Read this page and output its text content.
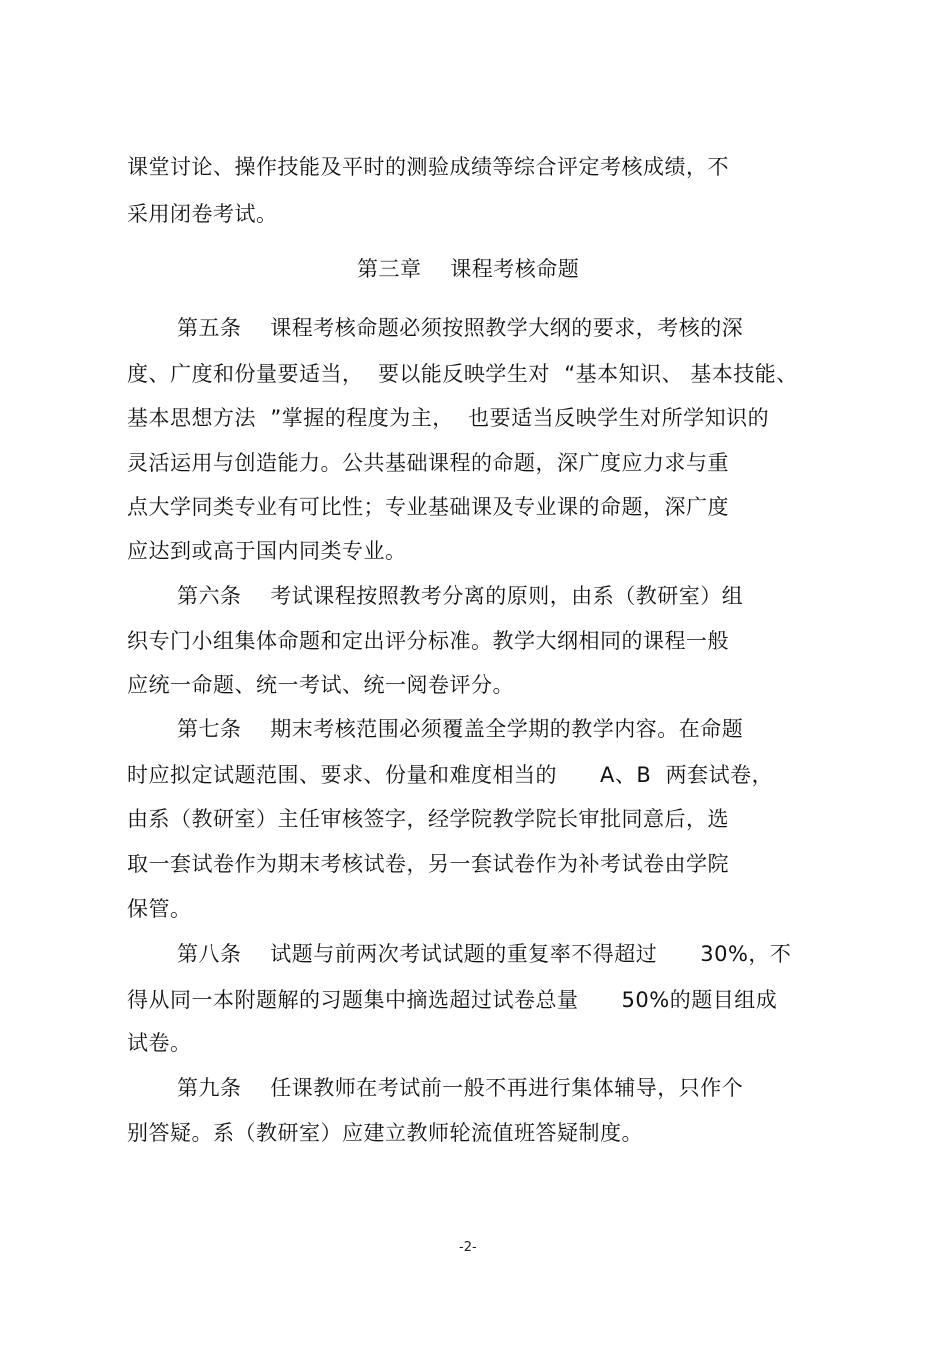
课堂讨论、操作技能及平时的测验成绩等综合评定考核成绩，不
采用闭卷考试。
第三章    课程考核命题
第五条    课程考核命题必须按照教学大纲的要求，考核的深
度、广度和份量要适当，  要以能反映学生对  “基本知识、 基本技能、
基本思想方法  ”掌握的程度为主，  也要适当反映学生对所学知识的
灵活运用与创造能力。公共基础课程的命题，深广度应力求与重
点大学同类专业有可比性；专业基础课及专业课的命题，深广度
应达到或高于国内同类专业。
第六条    考试课程按照教考分离的原则，由系（教研室）组
织专门小组集体命题和定出评分标准。教学大纲相同的课程一般
应统一命题、统一考试、统一阅卷评分。
第七条    期末考核范围必须覆盖全学期的教学内容。在命题
时应拟定试题范围、要求、份量和难度相当的      A、B  两套试卷，
由系（教研室）主任审核签字，经学院教学院长审批同意后，选
取一套试卷作为期末考核试卷，另一套试卷作为补考试卷由学院
保管。
第八条    试题与前两次考试试题的重复率不得超过      30%，不
得从同一本附题解的习题集中摘选超过试卷总量      50%的题目组成
试卷。
第九条    任课教师在考试前一般不再进行集体辅导，只作个
别答疑。系（教研室）应建立教师轮流值班答疑制度。
-2-
